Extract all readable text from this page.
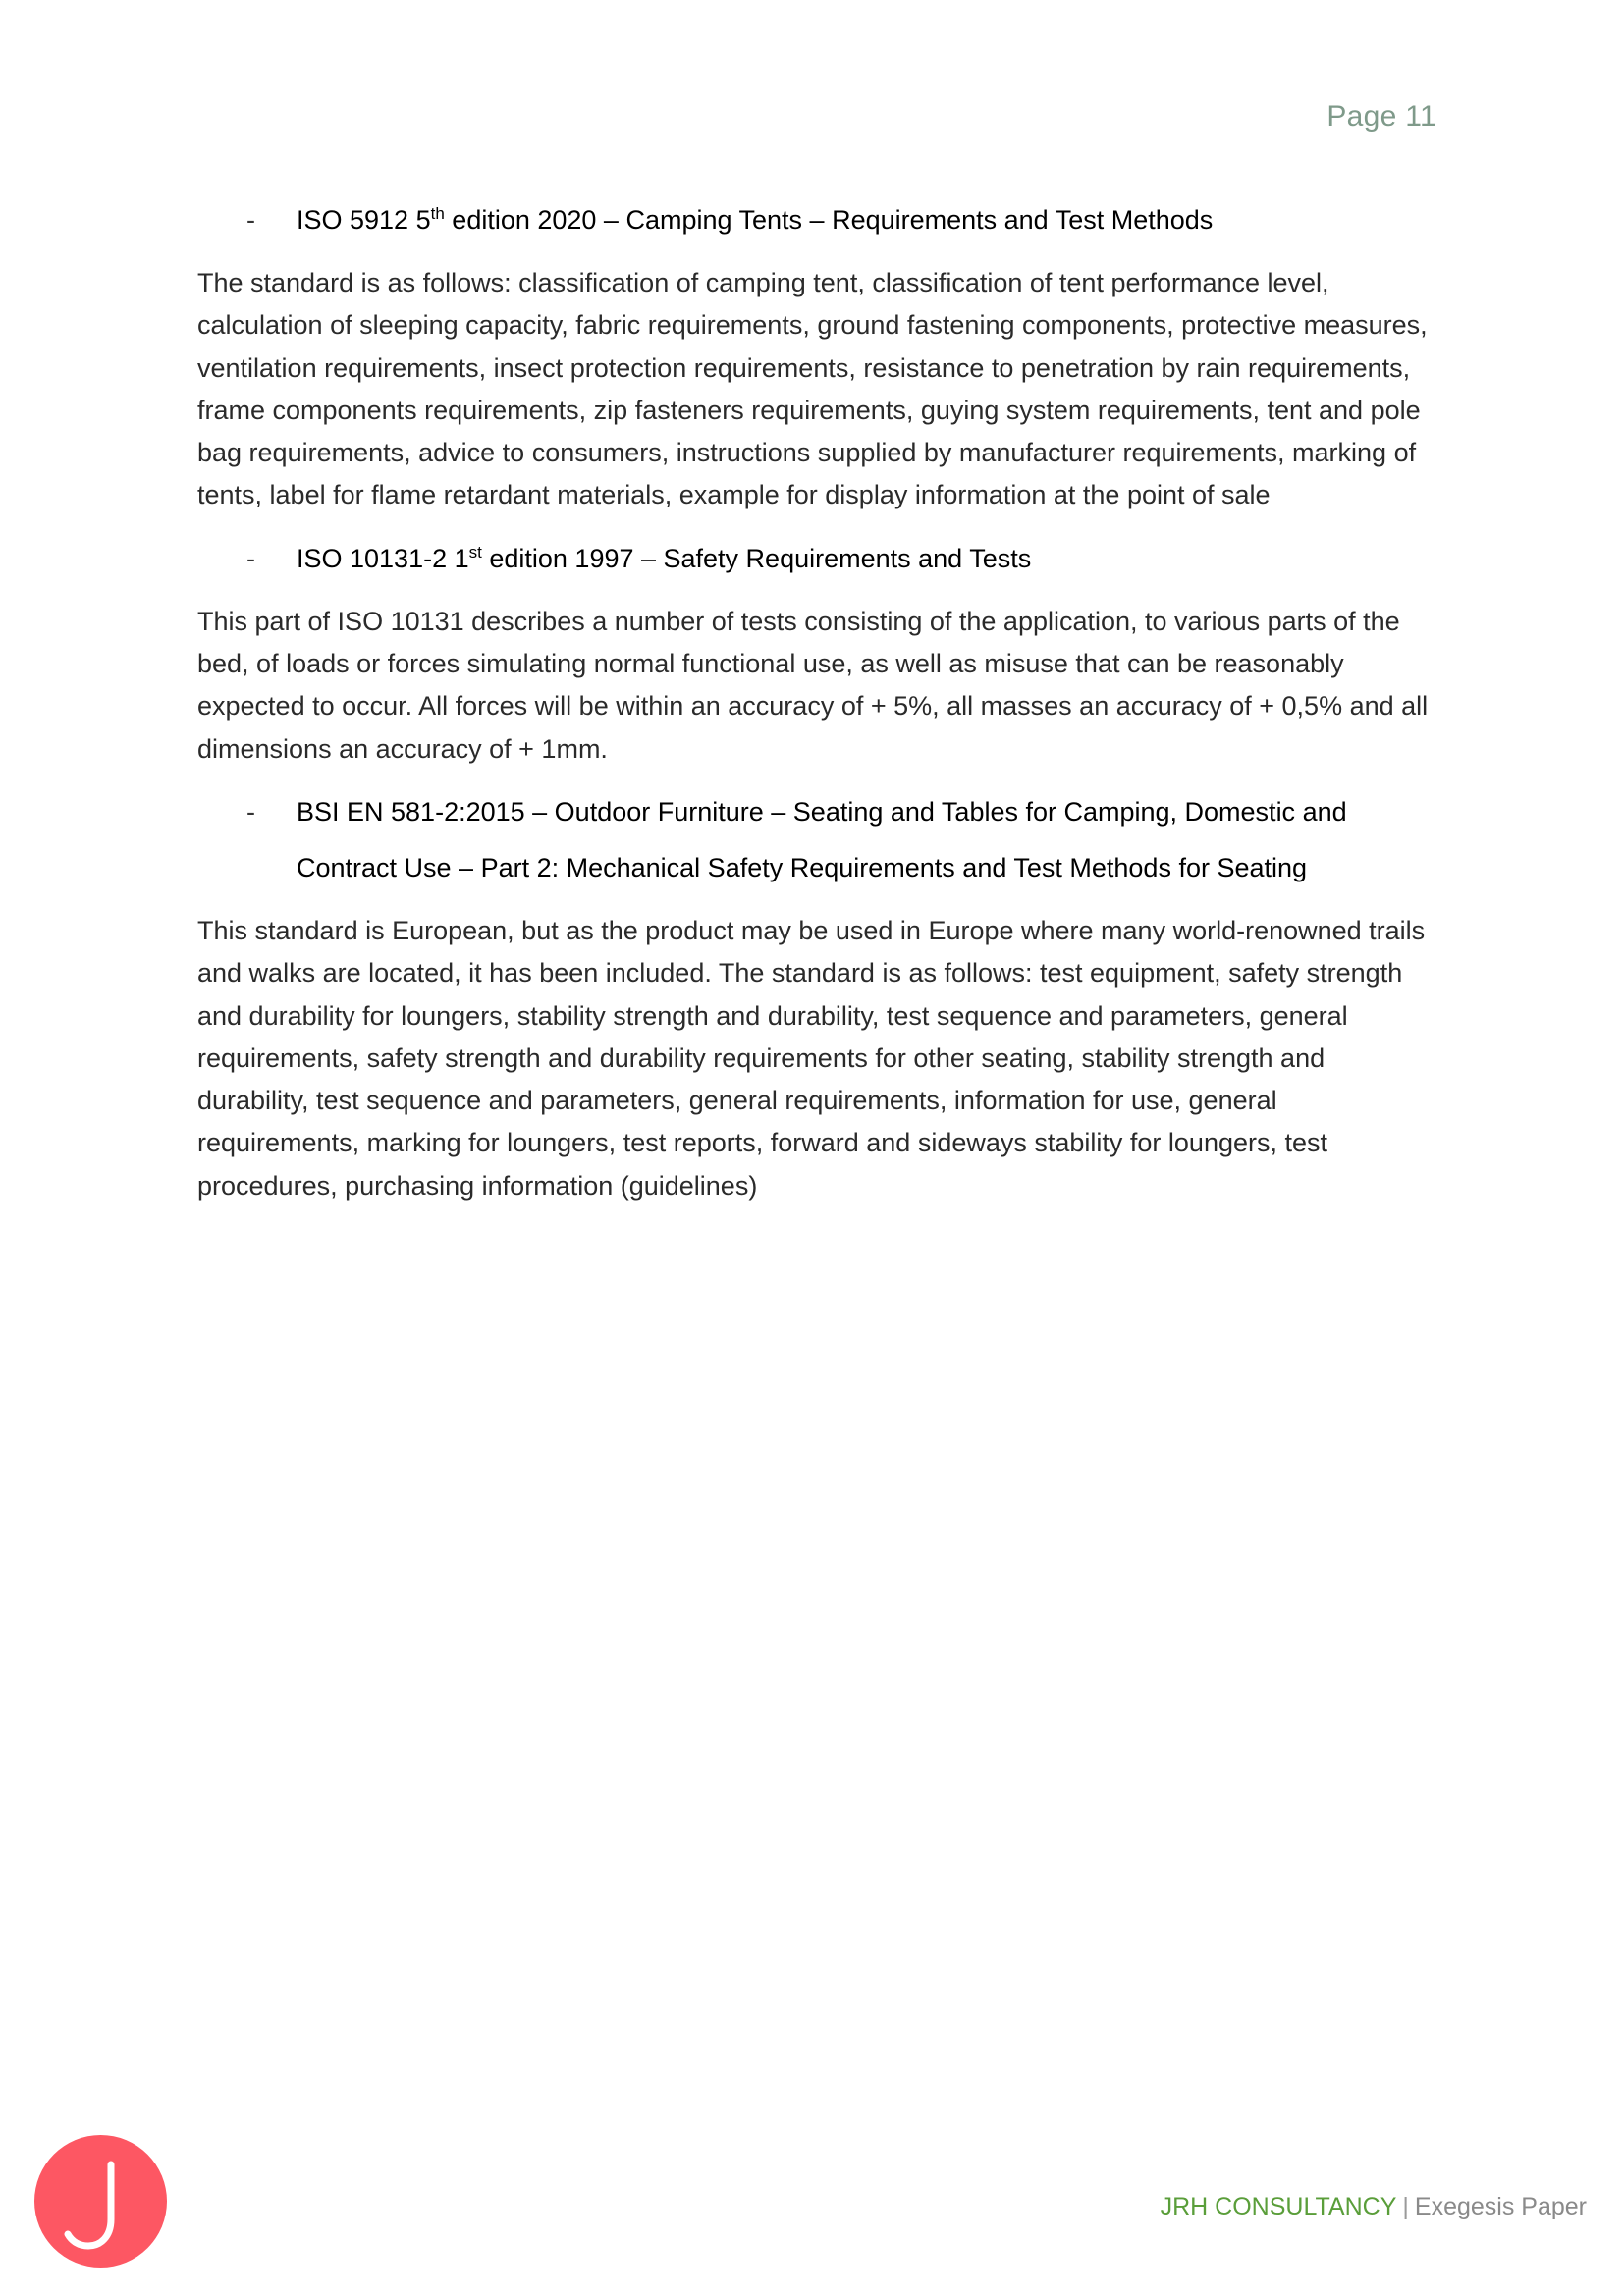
Page 11

- ISO 5912 5th edition 2020 – Camping Tents – Requirements and Test Methods

The standard is as follows: classification of camping tent, classification of tent performance level, calculation of sleeping capacity, fabric requirements, ground fastening components, protective measures, ventilation requirements, insect protection requirements, resistance to penetration by rain requirements, frame components requirements, zip fasteners requirements, guying system requirements, tent and pole bag requirements, advice to consumers, instructions supplied by manufacturer requirements, marking of tents, label for flame retardant materials, example for display information at the point of sale

- ISO 10131-2 1st edition 1997 – Safety Requirements and Tests

This part of ISO 10131 describes a number of tests consisting of the application, to various parts of the bed, of loads or forces simulating normal functional use, as well as misuse that can be reasonably expected to occur. All forces will be within an accuracy of + 5%, all masses an accuracy of + 0,5% and all dimensions an accuracy of + 1mm.

- BSI EN 581-2:2015 – Outdoor Furniture – Seating and Tables for Camping, Domestic and Contract Use – Part 2: Mechanical Safety Requirements and Test Methods for Seating

This standard is European, but as the product may be used in Europe where many world-renowned trails and walks are located, it has been included. The standard is as follows: test equipment, safety strength and durability for loungers, stability strength and durability, test sequence and parameters, general requirements, safety strength and durability requirements for other seating, stability strength and durability, test sequence and parameters, general requirements, information for use, general requirements, marking for loungers, test reports, forward and sideways stability for loungers, test procedures, purchasing information (guidelines)

JRH CONSULTANCY | Exegesis Paper
